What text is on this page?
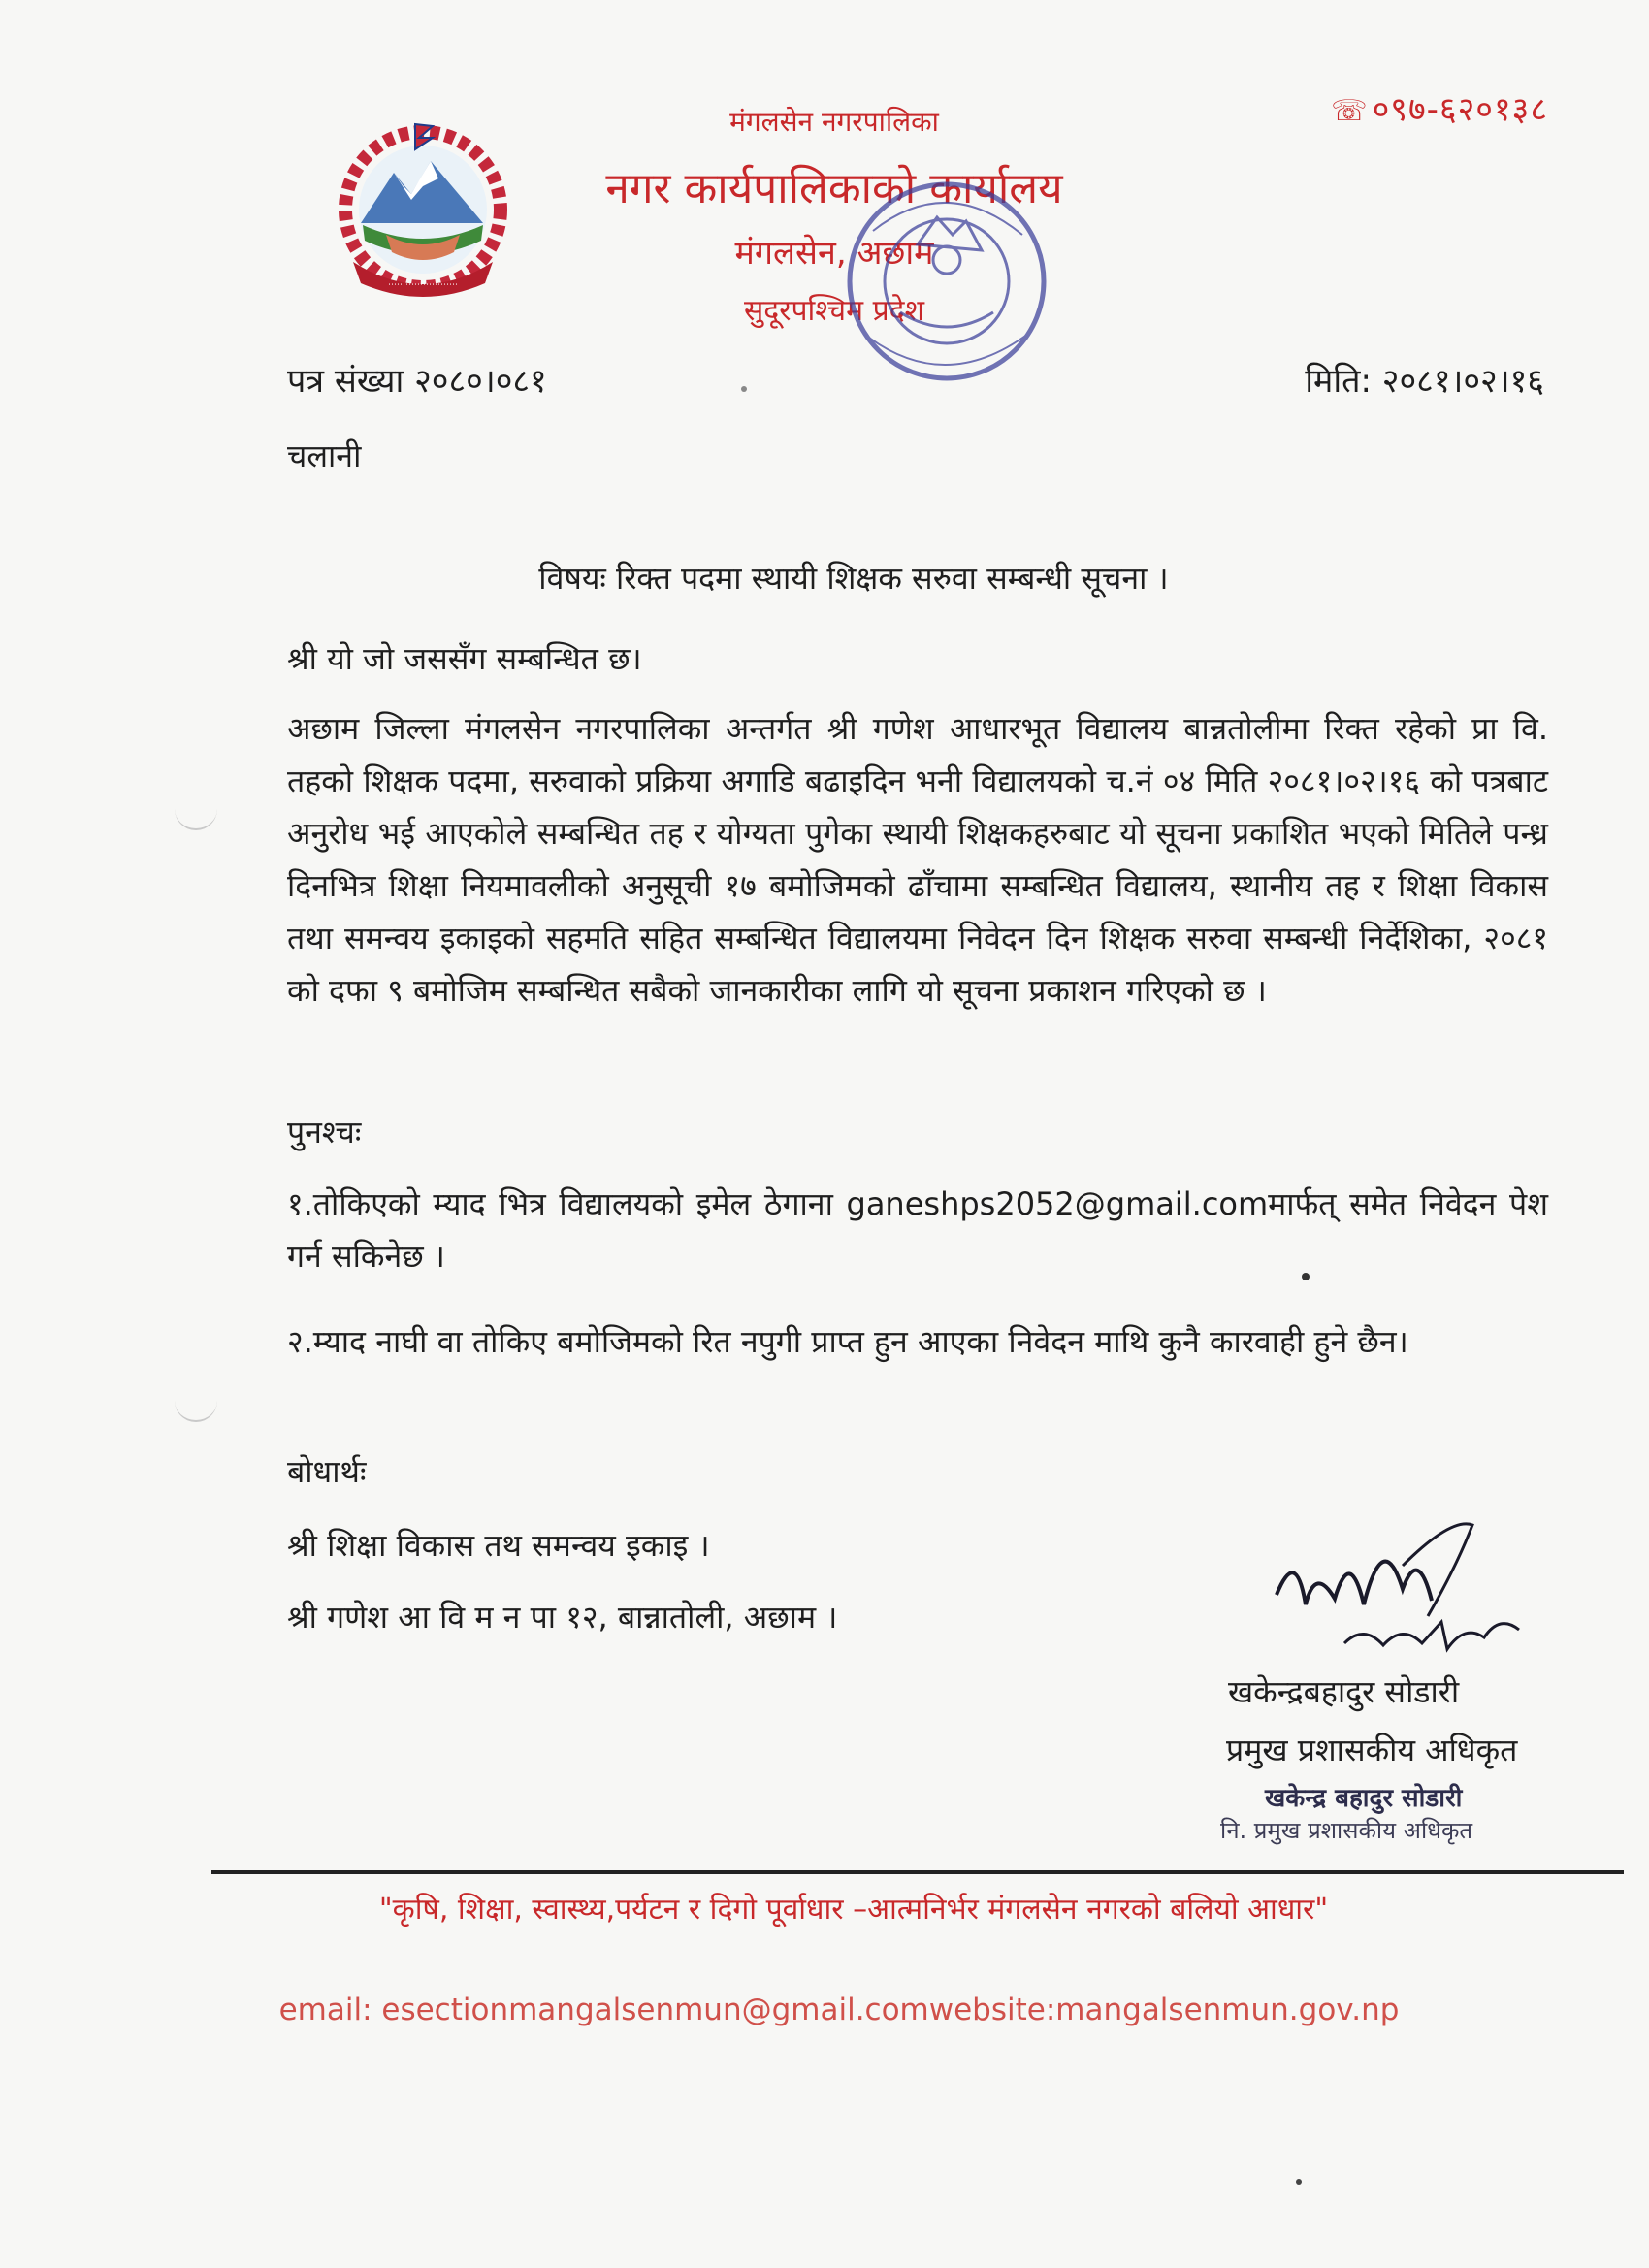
⋯⋯⋯⋯⋯⋯⋯⋯
मंगलसेन नगरपालिका
नगर कार्यपालिकाको कार्यालय
मंगलसेन, अछाम
सुदूरपश्चिम प्रदेश
☏ ०९७-६२०१३८
पत्र संख्या २०८०।०८१	मिति: २०८१।०२।१६
चलानी
विषयः रिक्त पदमा स्थायी शिक्षक सरुवा सम्बन्धी सूचना ।
श्री यो जो जससँग सम्बन्धित छ।
अछाम जिल्ला मंगलसेन नगरपालिका अन्तर्गत श्री गणेश आधारभूत विद्यालय बान्नतोलीमा रिक्त रहेको प्रा वि. तहको शिक्षक पदमा, सरुवाको प्रक्रिया अगाडि बढाइदिन भनी विद्यालयको च.नं ०४ मिति २०८१।०२।१६ को पत्रबाट अनुरोध भई आएकोले सम्बन्धित तह र योग्यता पुगेका स्थायी शिक्षकहरुबाट यो सूचना प्रकाशित भएको मितिले पन्ध्र दिनभित्र शिक्षा नियमावलीको अनुसूची १७ बमोजिमको ढाँचामा सम्बन्धित विद्यालय, स्थानीय तह र शिक्षा विकास तथा समन्वय इकाइको सहमति सहित सम्बन्धित विद्यालयमा निवेदन दिन शिक्षक सरुवा सम्बन्धी निर्देशिका, २०८१ को दफा ९ बमोजिम सम्बन्धित सबैको जानकारीका लागि यो सूचना प्रकाशन गरिएको छ ।
पुनश्चः
१.तोकिएको म्याद भित्र विद्यालयको इमेल ठेगाना ganeshps2052@gmail.comमार्फत् समेत निवेदन पेश गर्न सकिनेछ ।
२.म्याद नाघी वा तोकिए बमोजिमको रित नपुगी प्राप्त हुन आएका निवेदन माथि कुनै कारवाही हुने छैन।
बोधार्थः
श्री शिक्षा विकास तथ समन्वय इकाइ ।
श्री गणेश आ वि म न पा १२, बान्नातोली, अछाम ।
खकेन्द्रबहादुर सोडारी
प्रमुख प्रशासकीय अधिकृत
खकेन्द्र बहादुर सोडारी
नि. प्रमुख प्रशासकीय अधिकृत
"कृषि, शिक्षा, स्वास्थ्य,पर्यटन र दिगो पूर्वाधार –आत्मनिर्भर मंगलसेन नगरको बलियो आधार"
email: esectionmangalsenmun@gmail.comwebsite:mangalsenmun.gov.np
